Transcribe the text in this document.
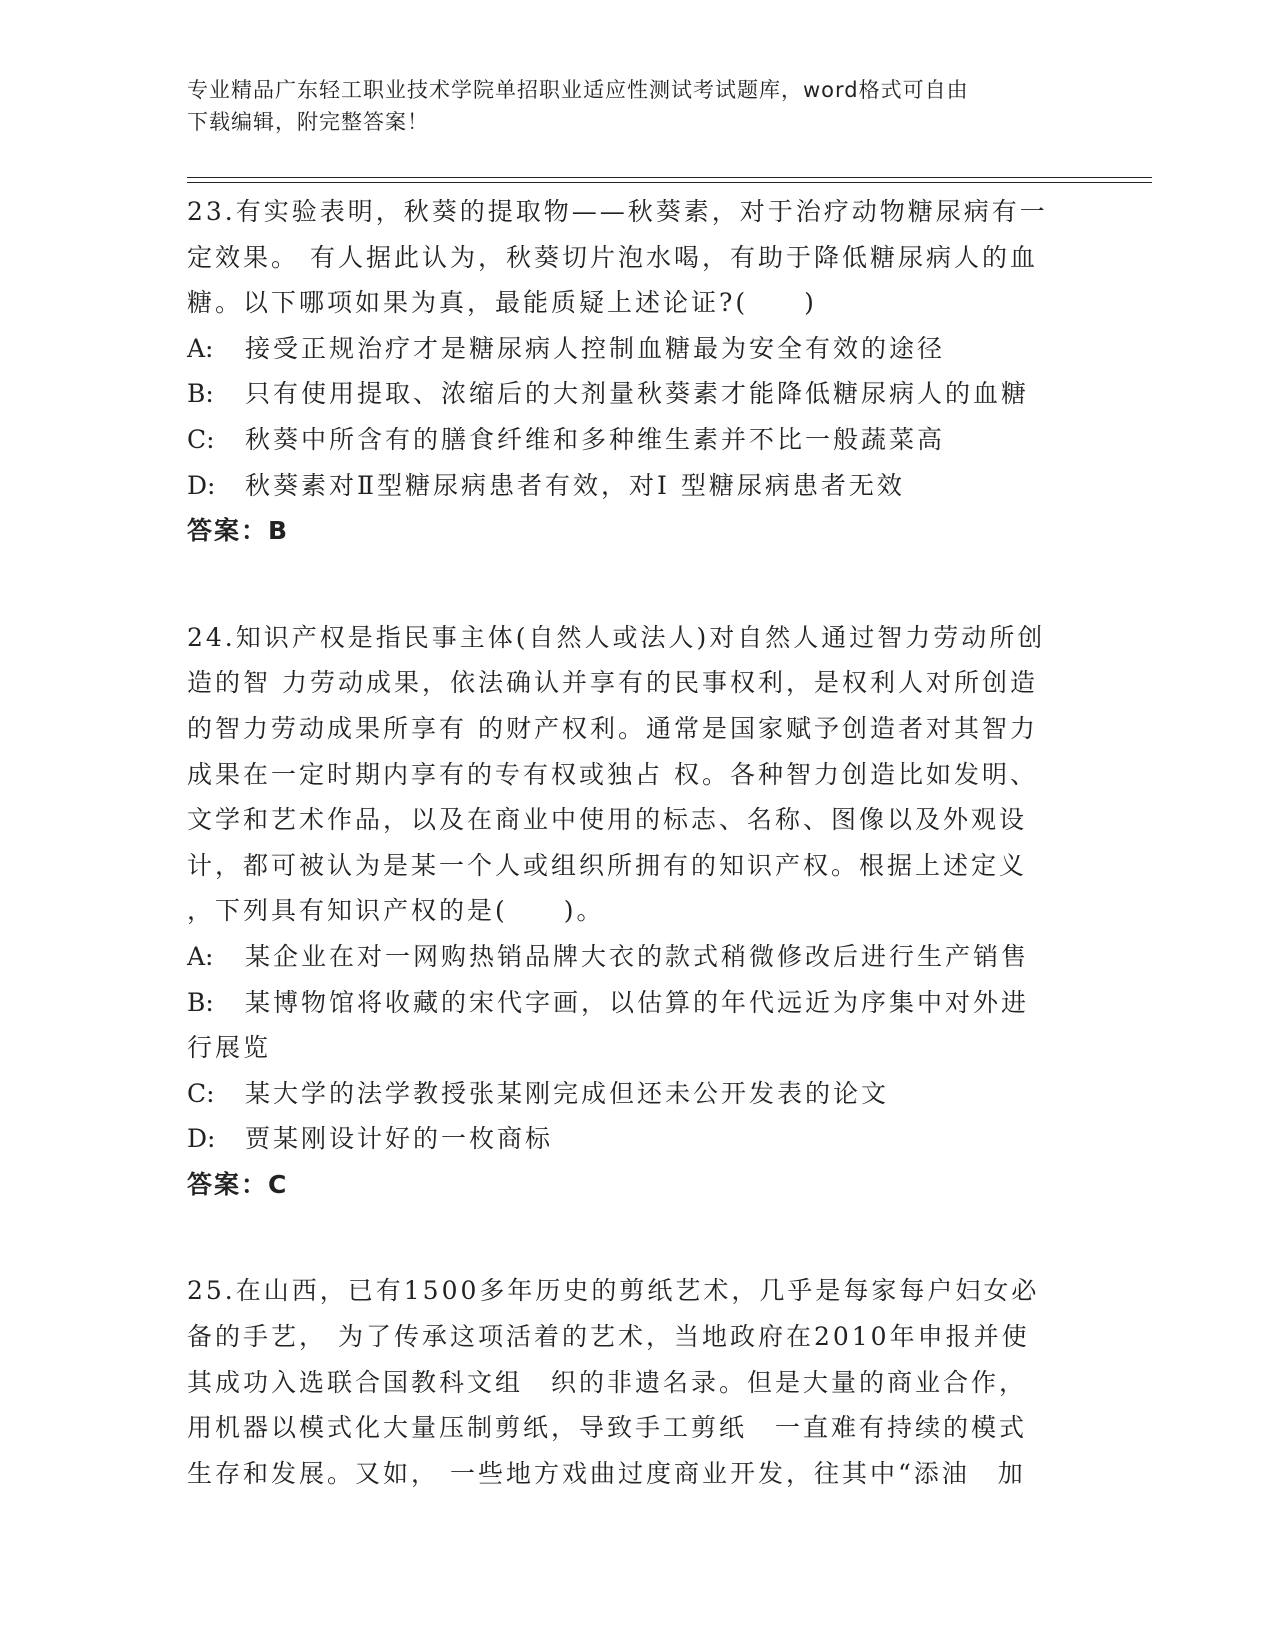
专业精品广东轻工职业技术学院单招职业适应性测试考试题库，word格式可自由
下载编辑，附完整答案！
23.有实验表明，秋葵的提取物——秋葵素，对于治疗动物糖尿病有一
定效果。 有人据此认为，秋葵切片泡水喝，有助于降低糖尿病人的血
糖。以下哪项如果为真，最能质疑上述论证?(　　)
A: 接受正规治疗才是糖尿病人控制血糖最为安全有效的途径
B: 只有使用提取、浓缩后的大剂量秋葵素才能降低糖尿病人的血糖
C: 秋葵中所含有的膳食纤维和多种维生素并不比一般蔬菜高
D: 秋葵素对Ⅱ型糖尿病患者有效，对Ⅰ 型糖尿病患者无效
答案：B
24.知识产权是指民事主体(自然人或法人)对自然人通过智力劳动所创
造的智 力劳动成果，依法确认并享有的民事权利，是权利人对所创造
的智力劳动成果所享有 的财产权利。通常是国家赋予创造者对其智力
成果在一定时期内享有的专有权或独占 权。各种智力创造比如发明、
文学和艺术作品，以及在商业中使用的标志、名称、图像以及外观设
计，都可被认为是某一个人或组织所拥有的知识产权。根据上述定义
，下列具有知识产权的是(　　)。
A: 某企业在对一网购热销品牌大衣的款式稍微修改后进行生产销售
B: 某博物馆将收藏的宋代字画，以估算的年代远近为序集中对外进
行展览
C: 某大学的法学教授张某刚完成但还未公开发表的论文
D: 贾某刚设计好的一枚商标
答案：C
25.在山西，已有1500多年历史的剪纸艺术，几乎是每家每户妇女必
备的手艺， 为了传承这项活着的艺术，当地政府在2010年申报并使
其成功入选联合国教科文组　织的非遗名录。但是大量的商业合作，
用机器以模式化大量压制剪纸，导致手工剪纸　一直难有持续的模式
生存和发展。又如， 一些地方戏曲过度商业开发，往其中“添油　加
